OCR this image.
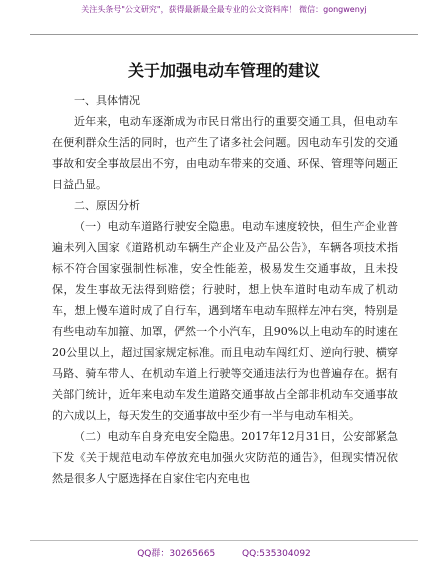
关注头条号"公文研究"，获得最新最全最专业的公文资料库！ 微信：gongwenyj
关于加强电动车管理的建议

一、具体情况

近年来，电动车逐渐成为市民日常出行的重要交通工具，但电动车在便利群众生活的同时，也产生了诸多社会问题。因电动车引发的交通事故和安全事故层出不穷，由电动车带来的交通、环保、管理等问题正日益凸显。

二、原因分析

（一）电动车道路行驶安全隐患。电动车速度较快，但生产企业普遍未列入国家《道路机动车辆生产企业及产品公告》，车辆各项技术指标不符合国家强制性标准，安全性能差，极易发生交通事故，且未投保，发生事故无法得到赔偿；行驶时，想上快车道时电动车成了机动车，想上慢车道时成了自行车，遇到堵车电动车照样左冲右突，特别是有些电动车加箍、加罩，俨然一个小汽车，且90%以上电动车的时速在20公里以上，超过国家规定标准。而且电动车闯红灯、逆向行驶、横穿马路、骑车带人、在机动车道上行驶等交通违法行为也普遍存在。据有关部门统计，近年来电动车发生道路交通事故占全部非机动车交通事故的六成以上，每天发生的交通事故中至少有一半与电动车相关。

（二）电动车自身充电安全隐患。2017年12月31日，公安部紧急下发《关于规范电动车停放充电加强火灾防范的通告》，但现实情况依然是很多人宁愿选择在自家住宅内充电也

QQ群：30265665	QQ:535304092
